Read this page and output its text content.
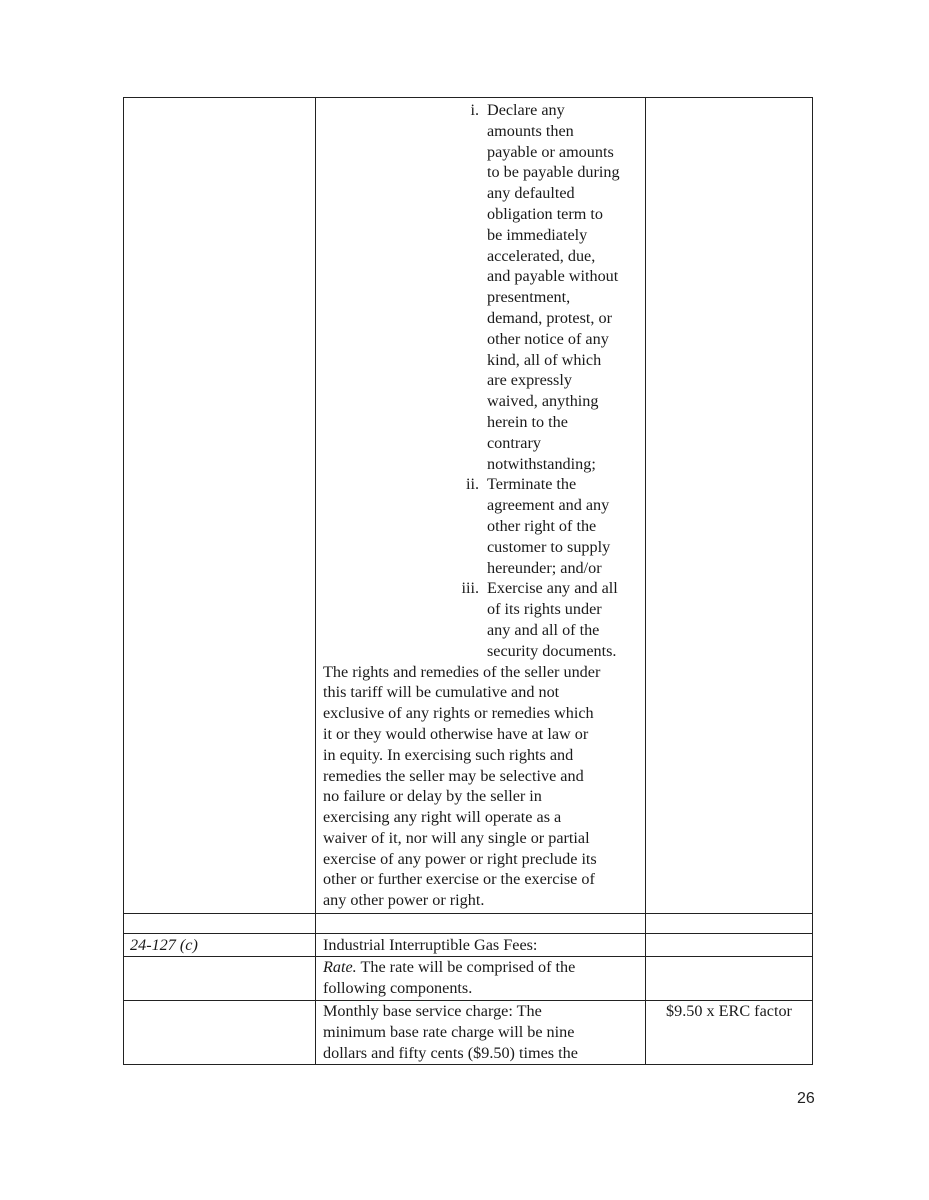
i. Declare any
amounts then
payable or amounts
to be payable during
any defaulted
obligation term to
be immediately
accelerated, due,
and payable without
presentment,
demand, protest, or
other notice of any
kind, all of which
are expressly
waived, anything
herein to the
contrary
notwithstanding;
ii. Terminate the
agreement and any
other right of the
customer to supply
hereunder; and/or
iii. Exercise any and all
of its rights under
any and all of the
security documents.
The rights and remedies of the seller under
this tariff will be cumulative and not
exclusive of any rights or remedies which
it or they would otherwise have at law or
in equity. In exercising such rights and
remedies the seller may be selective and
no failure or delay by the seller in
exercising any right will operate as a
waiver of it, nor will any single or partial
exercise of any power or right preclude its
other or further exercise or the exercise of
any other power or right.
24-127 (c)	Industrial Interruptible Gas Fees:
Rate. The rate will be comprised of the
following components.
Monthly base service charge: The
minimum base rate charge will be nine
dollars and fifty cents ($9.50) times the
$9.50 x ERC factor
26
